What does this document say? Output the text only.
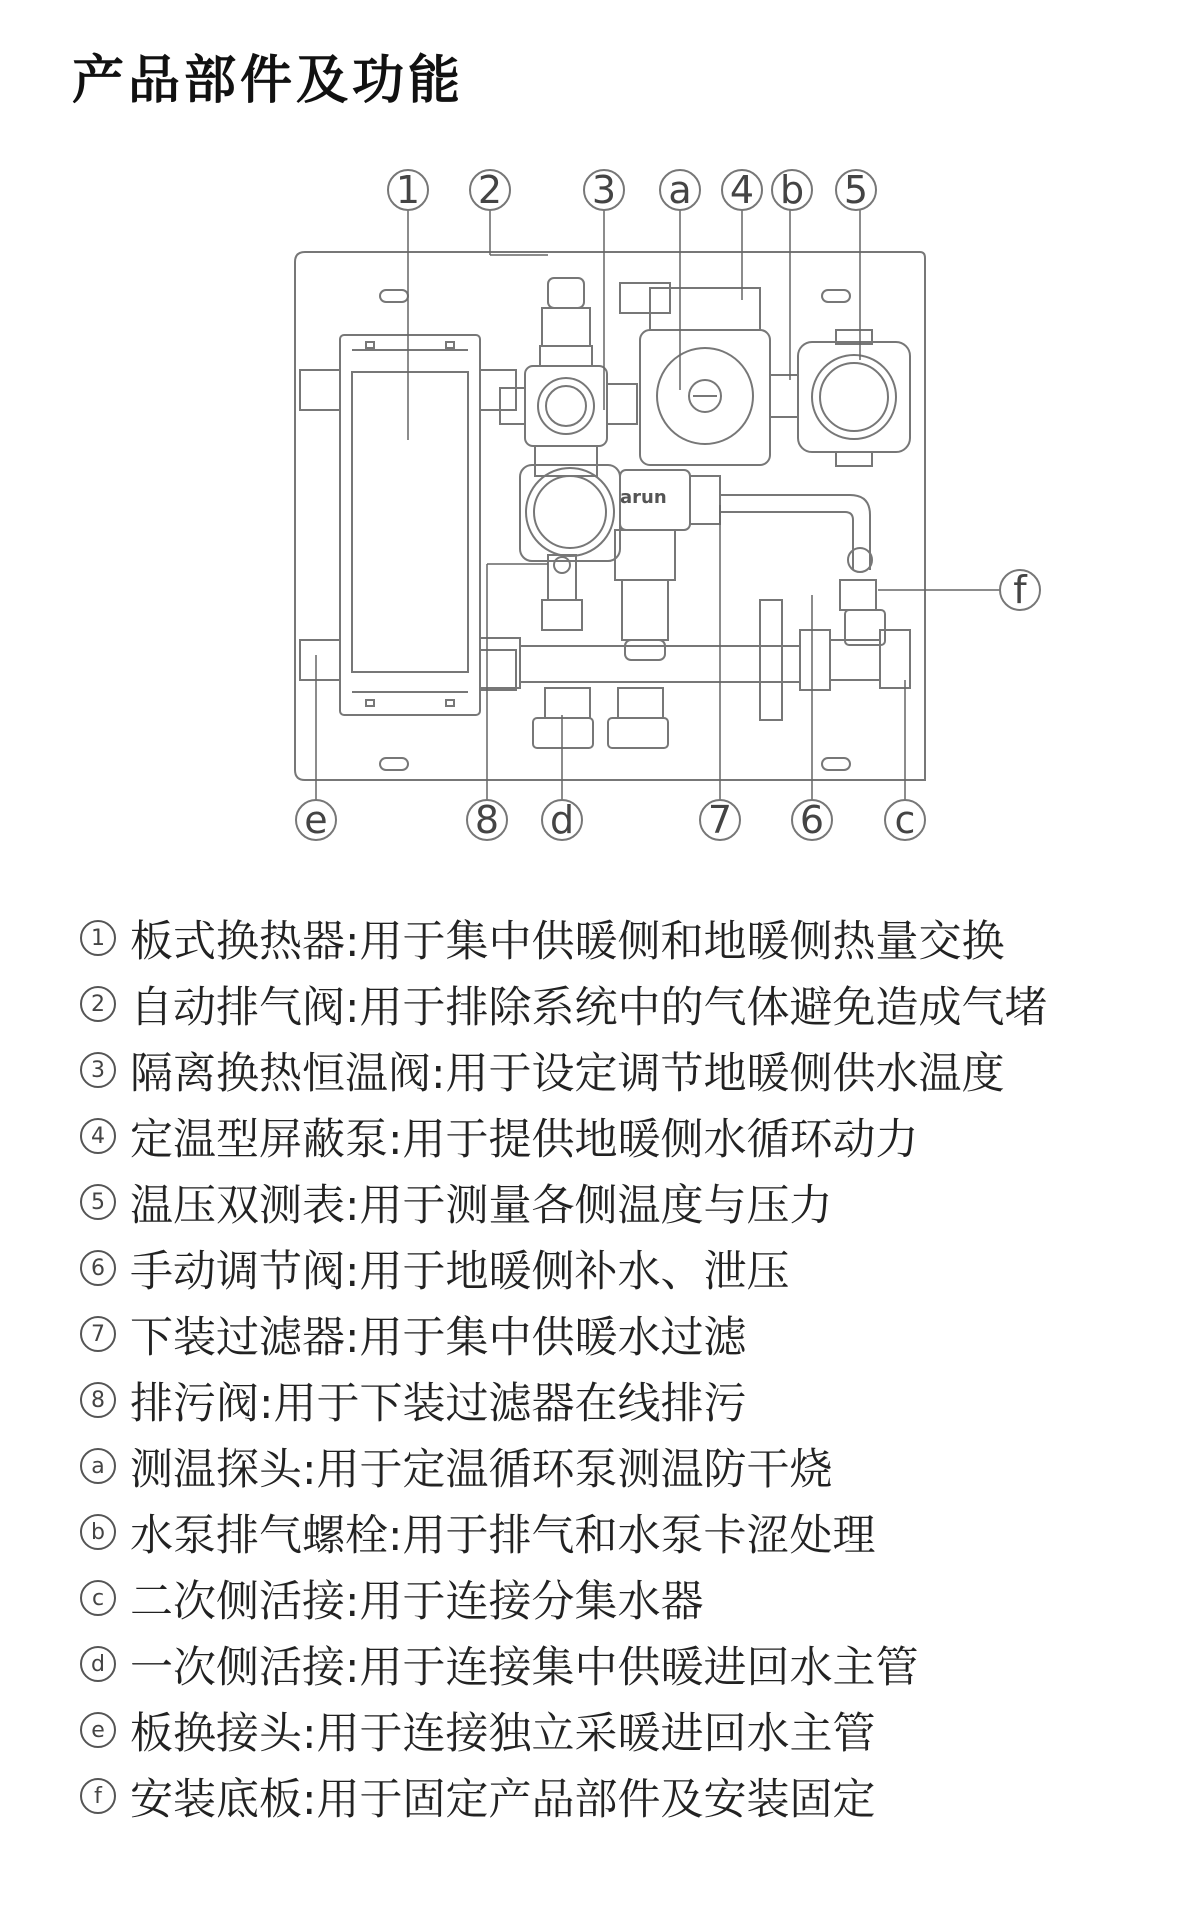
产品部件及功能
arun
1 2 3 a 4 b 5
f
e	8 d	7 6 c
1 板式换热器:用于集中供暖侧和地暖侧热量交换
2 自动排气阀:用于排除系统中的气体避免造成气堵
3 隔离换热恒温阀:用于设定调节地暖侧供水温度
4 定温型屏蔽泵:用于提供地暖侧水循环动力
5 温压双测表:用于测量各侧温度与压力
6 手动调节阀:用于地暖侧补水、泄压
7 下装过滤器:用于集中供暖水过滤
8 排污阀:用于下装过滤器在线排污
a 测温探头:用于定温循环泵测温防干烧
b 水泵排气螺栓:用于排气和水泵卡涩处理
c 二次侧活接:用于连接分集水器
d 一次侧活接:用于连接集中供暖进回水主管
e 板换接头:用于连接独立采暖进回水主管
f 安装底板:用于固定产品部件及安装固定
